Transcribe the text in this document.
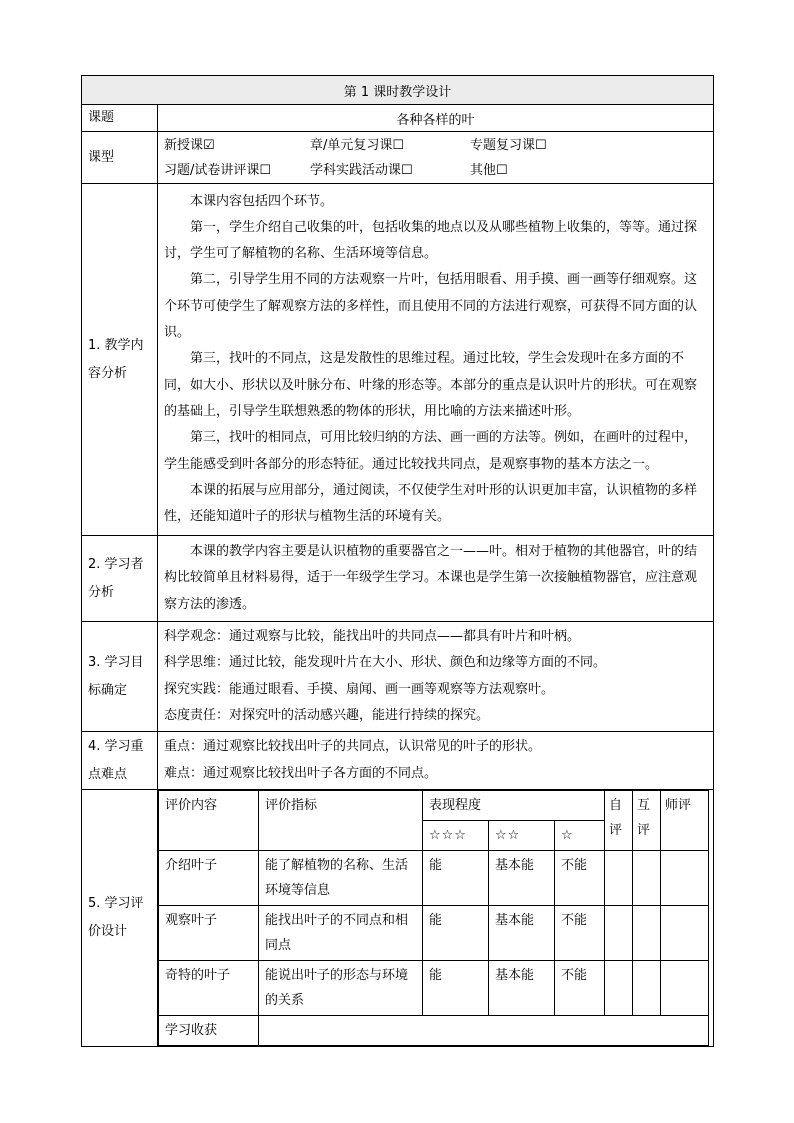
第 1 课时教学设计
课题	各种各样的叶
课型	
新授课☑	章/单元复习课☐	专题复习课☐
习题/试卷讲评课☐	学科实践活动课☐	其他☐

1. 教学内容分析	

本课内容包括四个环节。

第一，学生介绍自己收集的叶，包括收集的地点以及从哪些植物上收集的，等等。通过探讨，学生可了解植物的名称、生活环境等信息。

第二，引导学生用不同的方法观察一片叶，包括用眼看、用手摸、画一画等仔细观察。这个环节可使学生了解观察方法的多样性，而且使用不同的方法进行观察，可获得不同方面的认识。

第三，找叶的不同点，这是发散性的思维过程。通过比较，学生会发现叶在多方面的不同，如大小、形状以及叶脉分布、叶缘的形态等。本部分的重点是认识叶片的形状。可在观察的基础上，引导学生联想熟悉的物体的形状，用比喻的方法来描述叶形。

第三，找叶的相同点，可用比较归纳的方法、画一画的方法等。例如，在画叶的过程中，学生能感受到叶各部分的形态特征。通过比较找共同点，是观察事物的基本方法之一。

本课的拓展与应用部分，通过阅读，不仅使学生对叶形的认识更加丰富，认识植物的多样性，还能知道叶子的形状与植物生活的环境有关。

2. 学习者分析	

本课的教学内容主要是认识植物的重要器官之一——叶。相对于植物的其他器官，叶的结构比较简单且材料易得，适于一年级学生学习。本课也是学生第一次接触植物器官，应注意观察方法的渗透。

3. 学习目标确定	

科学观念：通过观察与比较，能找出叶的共同点——都具有叶片和叶柄。

科学思维：通过比较，能发现叶片在大小、形状、颜色和边缘等方面的不同。

探究实践：能通过眼看、手摸、扇闻、画一画等观察等方法观察叶。

态度责任：对探究叶的活动感兴趣，能进行持续的探究。

4. 学习重点难点	

重点：通过观察比较找出叶子的共同点，认识常见的叶子的形状。

难点：通过观察比较找出叶子各方面的不同点。

5. 学习评价设计	
评价内容	评价指标	表现程度	自评	互评	师评
☆☆☆	☆☆	☆
介绍叶子	能了解植物的名称、生活环境等信息	能	基本能	不能			
观察叶子	能找出叶子的不同点和相同点	能	基本能	不能			
奇特的叶子	能说出叶子的形态与环境的关系	能	基本能	不能			
学习收获	
